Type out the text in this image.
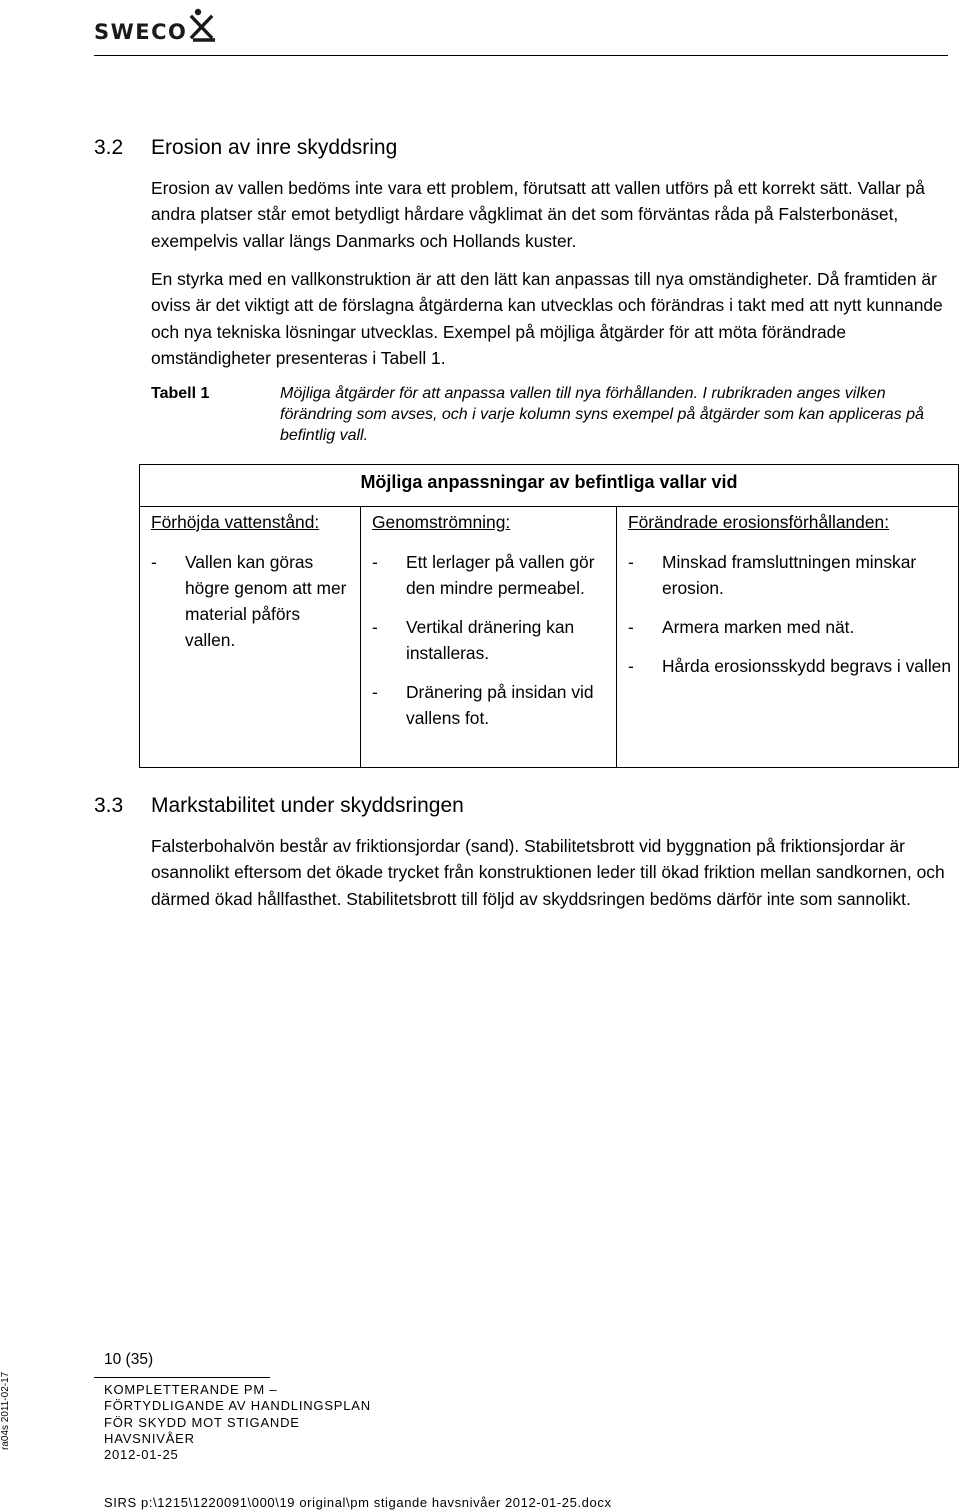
SWECO
3.2 Erosion av inre skyddsring

Erosion av vallen bedöms inte vara ett problem, förutsatt att vallen utförs på ett korrekt sätt. Vallar på andra platser står emot betydligt hårdare vågklimat än det som förväntas råda på Falsterbonäset, exempelvis vallar längs Danmarks och Hollands kuster.

En styrka med en vallkonstruktion är att den lätt kan anpassas till nya omständigheter. Då framtiden är oviss är det viktigt att de förslagna åtgärderna kan utvecklas och förändras i takt med att nytt kunnande och nya tekniska lösningar utvecklas. Exempel på möjliga åtgärder för att möta förändrade omständigheter presenteras i Tabell 1.

Tabell 1	Möjliga åtgärder för att anpassa vallen till nya förhållanden. I rubrikraden anges vilken förändring som avses, och i varje kolumn syns exempel på åtgärder som kan appliceras på befintlig vall.
Möjliga anpassningar av befintliga vallar vid
Förhöjda vattenstånd:
- Vallen kan göras högre genom att mer material påförs vallen.
Genomströmning:
- Ett lerlager på vallen gör den mindre permeabel.
- Vertikal dränering kan installeras.
- Dränering på insidan vid vallens fot.
Förändrade erosionsförhållanden:
- Minskad framsluttningen minskar erosion.
- Armera marken med nät.
- Hårda erosionsskydd begravs i vallen
3.3 Markstabilitet under skyddsringen

Falsterbohalvön består av friktionsjordar (sand). Stabilitetsbrott vid byggnation på friktionsjordar är osannolikt eftersom det ökade trycket från konstruktionen leder till ökad friktion mellan sandkornen, och därmed ökad hållfasthet. Stabilitetsbrott till följd av skyddsringen bedöms därför inte som sannolikt.

ra04s 2011-02-17
10 (35)
KOMPLETTERANDE PM –
FÖRTYDLIGANDE AV HANDLINGSPLAN
FÖR SKYDD MOT STIGANDE
HAVSNIVÅER
2012-01-25
SIRS p:\1215\1220091\000\19 original\pm stigande havsnivåer 2012-01-25.docx
